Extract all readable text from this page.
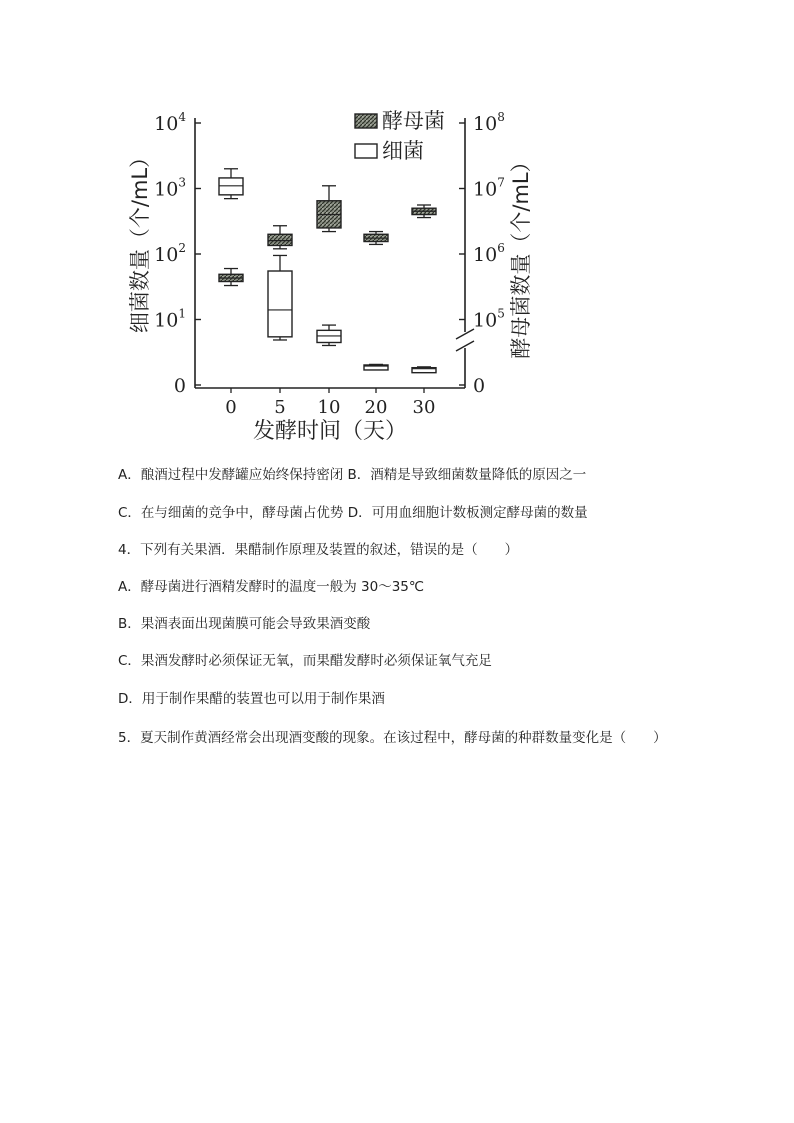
0
$10^1$
$10^2$
$10^3$
$10^4$
0
$10^5$
$10^6$
$10^7$
$10^8$
0 5 10 20 30
发酵时间（天）
细菌数量（个/mL）	酵母菌数量（个/mL）
酵母菌
细菌
A．酿酒过程中发酵罐应始终保持密闭 B．酒精是导致细菌数量降低的原因之一
C．在与细菌的竞争中，酵母菌占优势 D．可用血细胞计数板测定酵母菌的数量
4．下列有关果酒．果醋制作原理及装置的叙述，错误的是（　　）
A．酵母菌进行酒精发酵时的温度一般为 30～35℃
B．果酒表面出现菌膜可能会导致果酒变酸
C．果酒发酵时必须保证无氧，而果醋发酵时必须保证氧气充足
D．用于制作果醋的装置也可以用于制作果酒
5．夏天制作黄酒经常会出现酒变酸的现象。在该过程中，酵母菌的种群数量变化是（　　）
